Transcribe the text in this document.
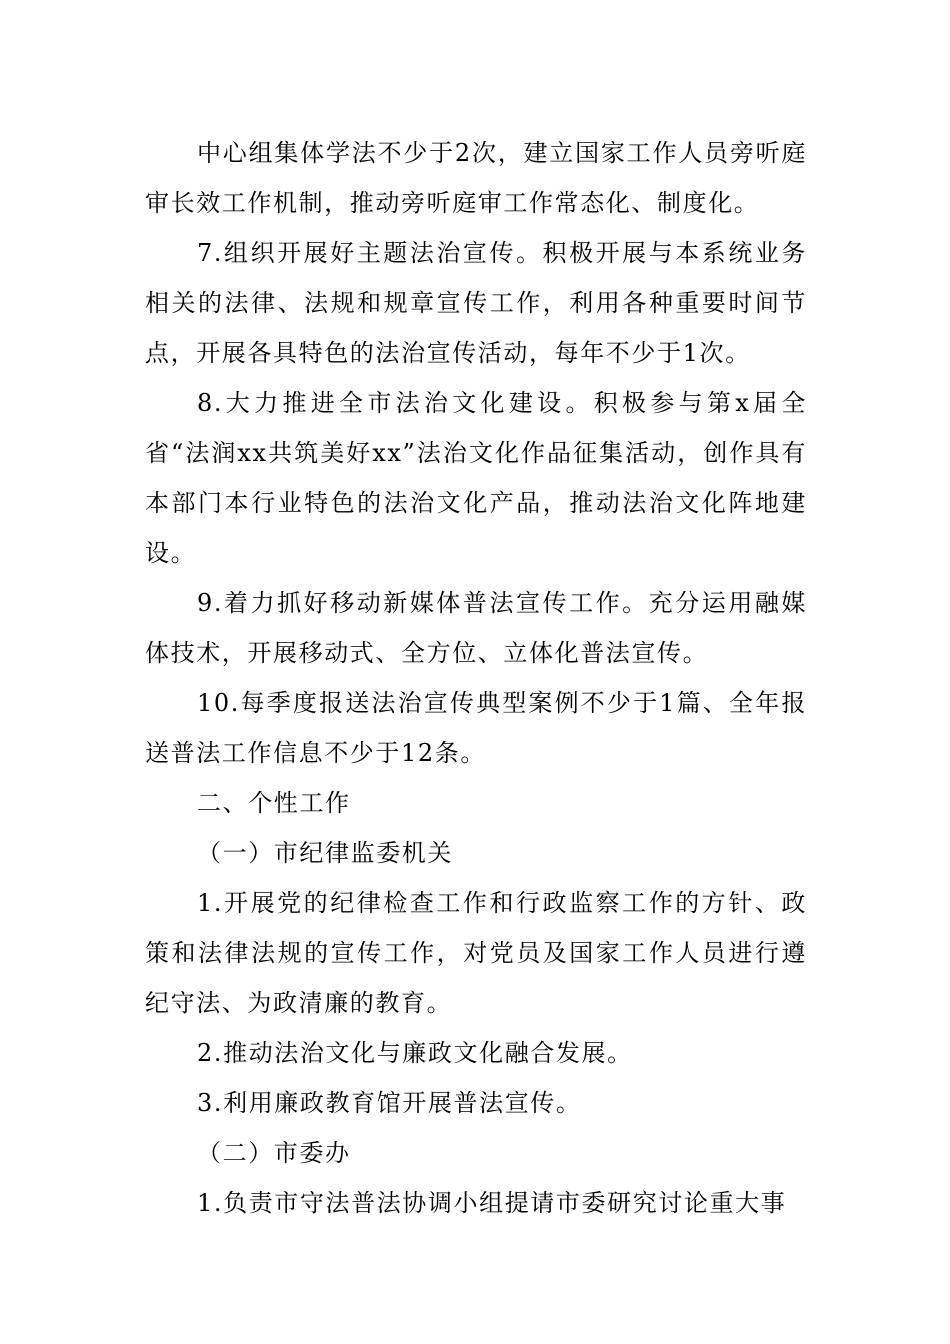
中心组集体学法不少于2次，建立国家工作人员旁听庭审长效工作机制，推动旁听庭审工作常态化、制度化。

7.组织开展好主题法治宣传。积极开展与本系统业务相关的法律、法规和规章宣传工作，利用各种重要时间节点，开展各具特色的法治宣传活动，每年不少于1次。

8.大力推进全市法治文化建设。积极参与第x届全省“法润xx共筑美好xx”法治文化作品征集活动，创作具有本部门本行业特色的法治文化产品，推动法治文化阵地建设。

9.着力抓好移动新媒体普法宣传工作。充分运用融媒体技术，开展移动式、全方位、立体化普法宣传。

10.每季度报送法治宣传典型案例不少于1篇、全年报送普法工作信息不少于12条。

二、个性工作

（一）市纪律监委机关

1.开展党的纪律检查工作和行政监察工作的方针、政策和法律法规的宣传工作，对党员及国家工作人员进行遵纪守法、为政清廉的教育。

2.推动法治文化与廉政文化融合发展。

3.利用廉政教育馆开展普法宣传。

（二）市委办

1.负责市守法普法协调小组提请市委研究讨论重大事
